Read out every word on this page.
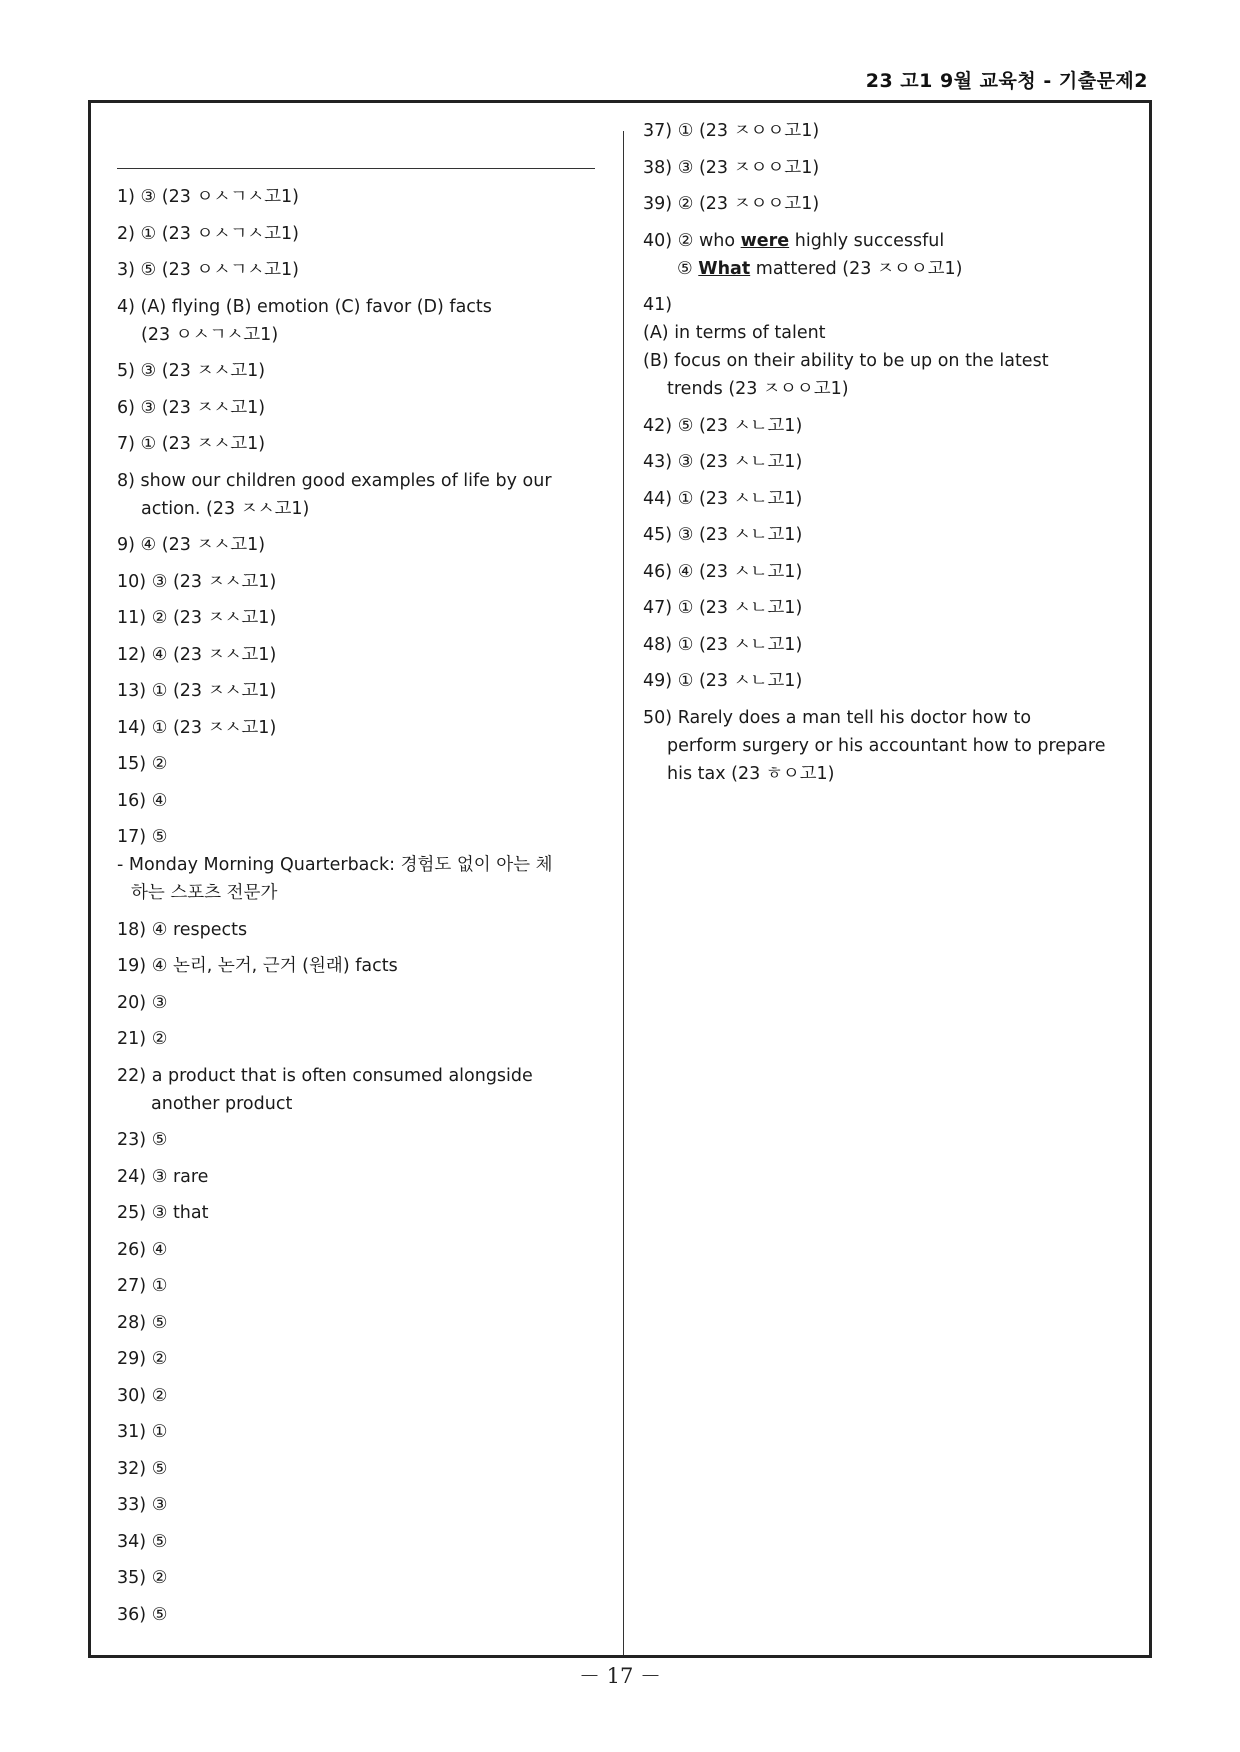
23 고1 9월 교육청 - 기출문제2
1) ③ (23 ㅇㅅㄱㅅ고1)
2) ① (23 ㅇㅅㄱㅅ고1)
3) ⑤ (23 ㅇㅅㄱㅅ고1)
4) (A) flying (B) emotion (C) favor (D) facts
(23 ㅇㅅㄱㅅ고1)
5) ③ (23 ㅈㅅ고1)
6) ③ (23 ㅈㅅ고1)
7) ① (23 ㅈㅅ고1)
8) show our children good examples of life by our
action. (23 ㅈㅅ고1)
9) ④ (23 ㅈㅅ고1)
10) ③ (23 ㅈㅅ고1)
11) ② (23 ㅈㅅ고1)
12) ④ (23 ㅈㅅ고1)
13) ① (23 ㅈㅅ고1)
14) ① (23 ㅈㅅ고1)
15) ②
16) ④
17) ⑤
- Monday Morning Quarterback: 경험도 없이 아는 체
하는 스포츠 전문가
18) ④ respects
19) ④ 논리, 논거, 근거 (원래) facts
20) ③
21) ②
22) a product that is often consumed alongside
another product
23) ⑤
24) ③ rare
25) ③ that
26) ④
27) ①
28) ⑤
29) ②
30) ②
31) ①
32) ⑤
33) ③
34) ⑤
35) ②
36) ⑤
37) ① (23 ㅈㅇㅇ고1)
38) ③ (23 ㅈㅇㅇ고1)
39) ② (23 ㅈㅇㅇ고1)
40) ② who were highly successful
⑤ What mattered (23 ㅈㅇㅇ고1)
41)
(A) in terms of talent
(B) focus on their ability to be up on the latest
trends (23 ㅈㅇㅇ고1)
42) ⑤ (23 ㅅㄴ고1)
43) ③ (23 ㅅㄴ고1)
44) ① (23 ㅅㄴ고1)
45) ③ (23 ㅅㄴ고1)
46) ④ (23 ㅅㄴ고1)
47) ① (23 ㅅㄴ고1)
48) ① (23 ㅅㄴ고1)
49) ① (23 ㅅㄴ고1)
50) Rarely does a man tell his doctor how to
perform surgery or his accountant how to prepare
his tax (23 ㅎㅇ고1)
－ 17 －
